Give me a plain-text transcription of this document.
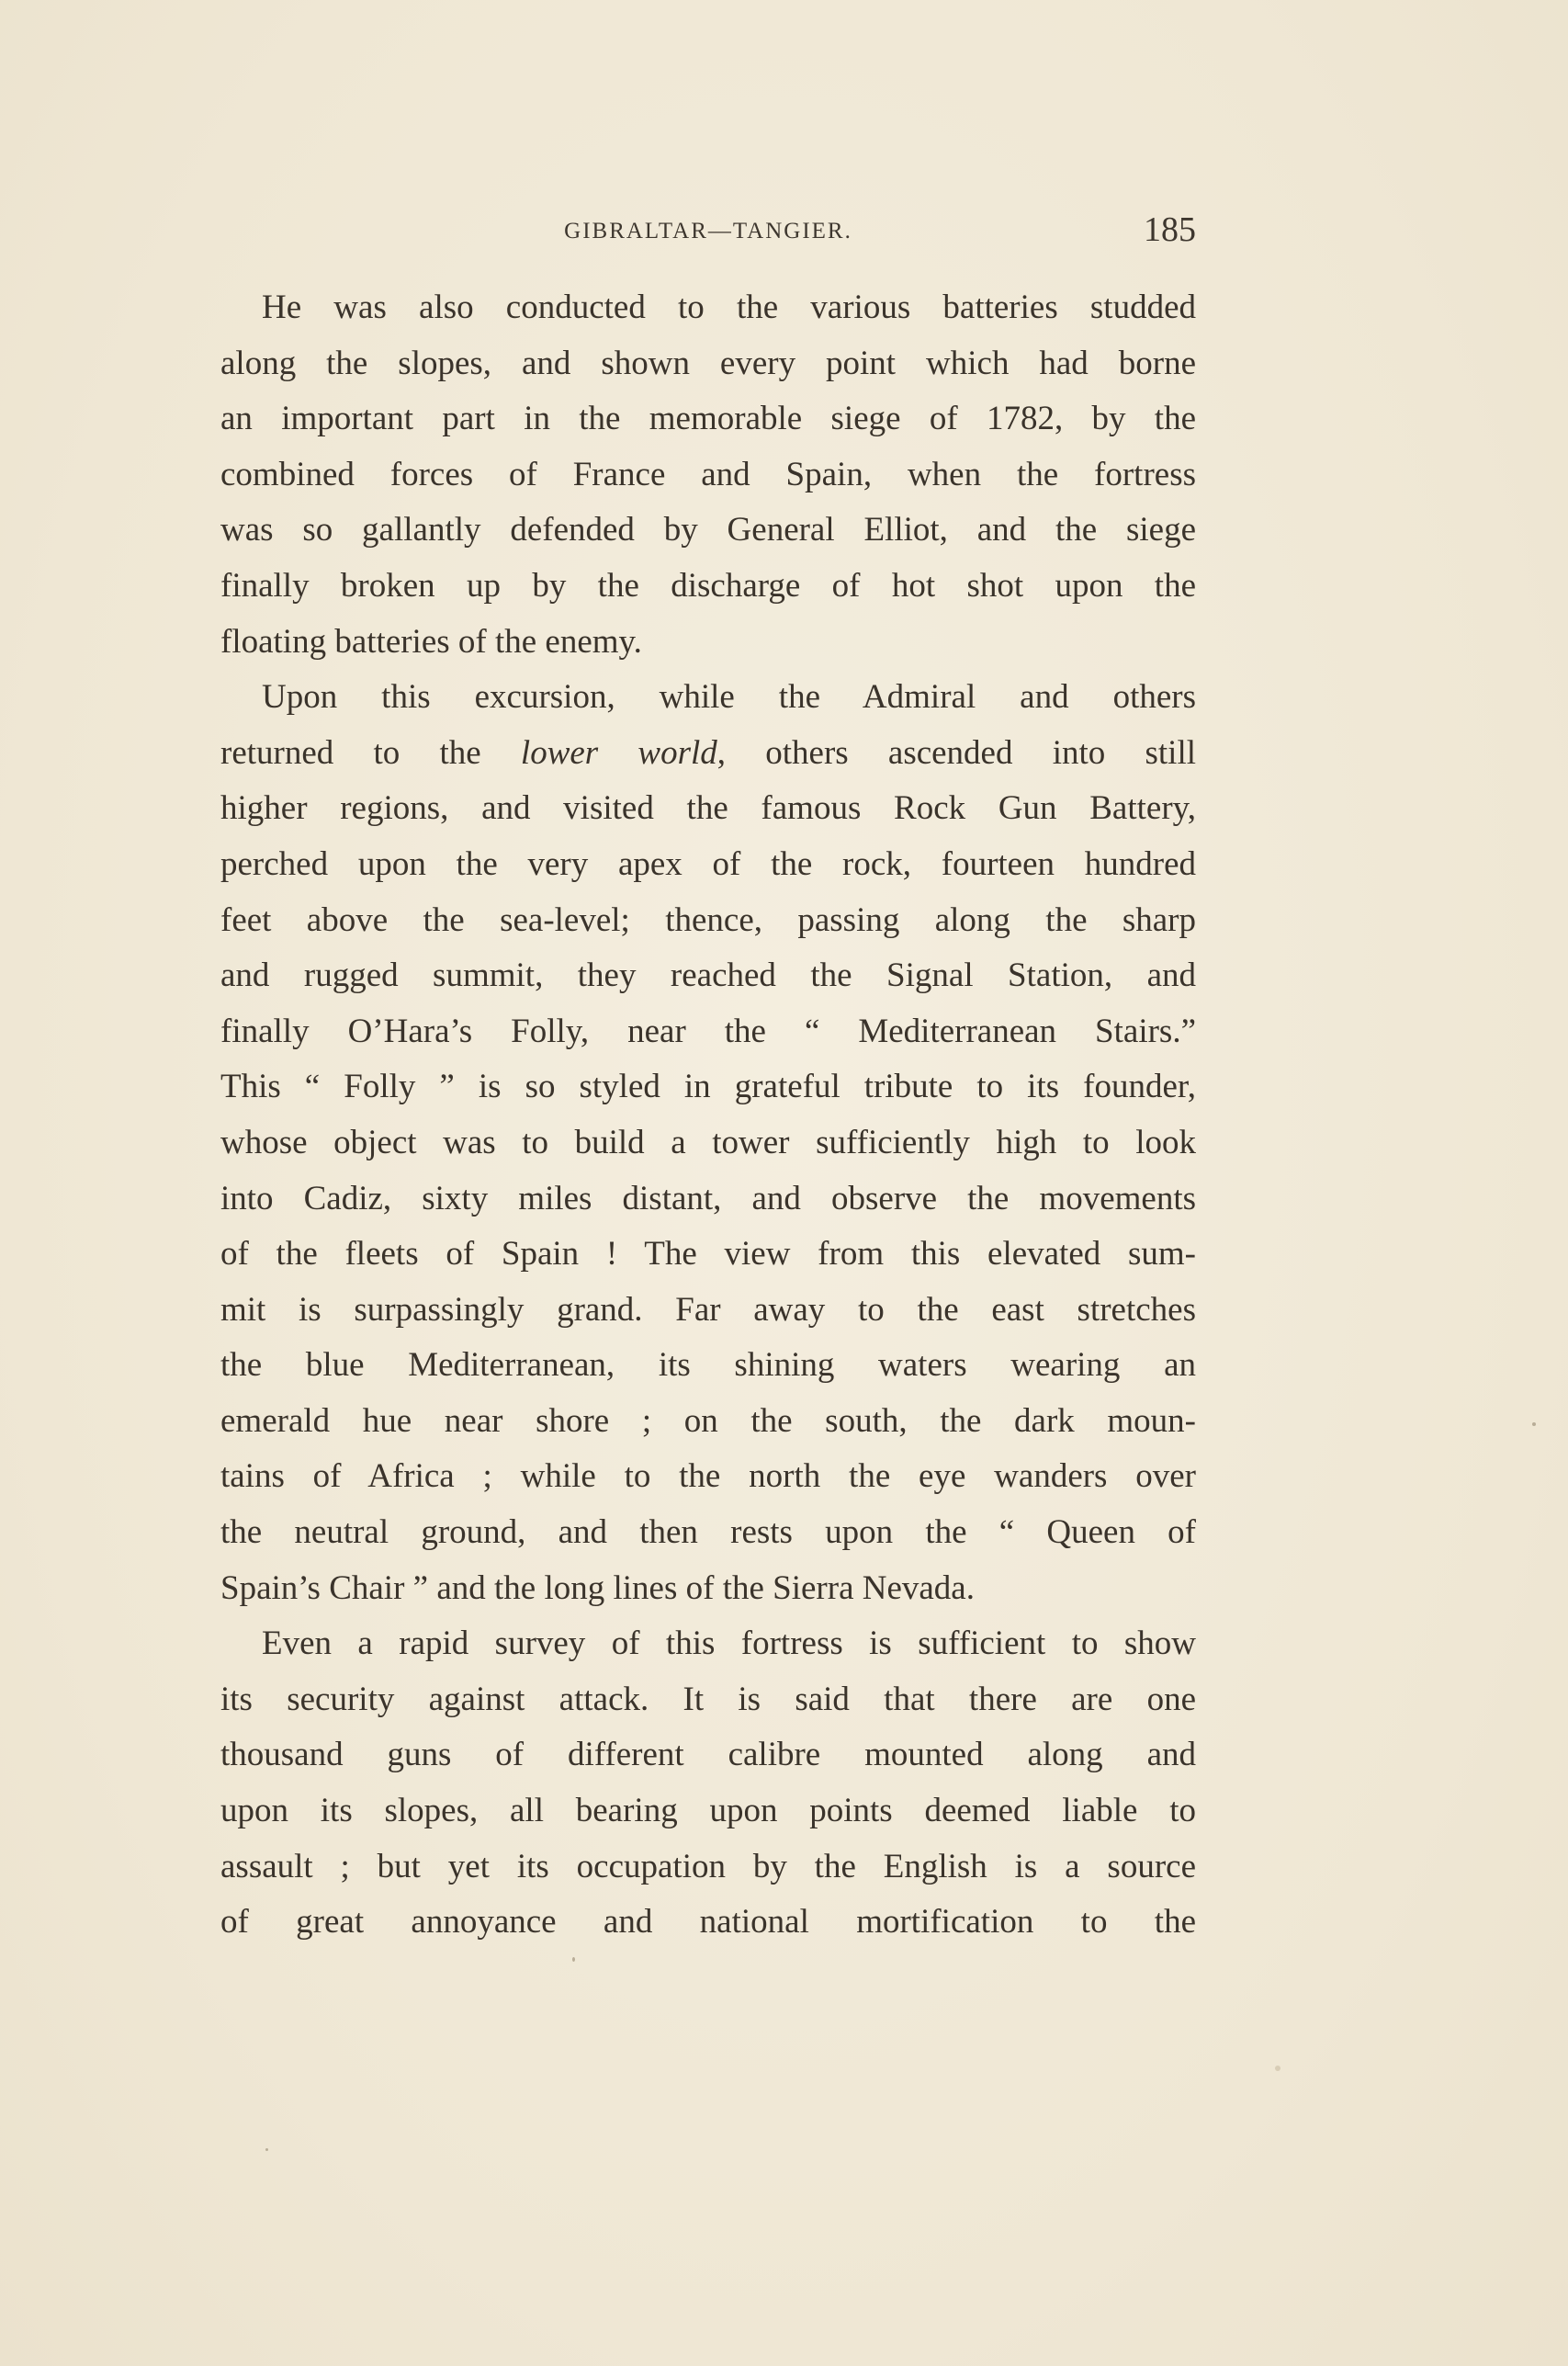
GIBRALTAR—TANGIER.	185
He was also conducted to the various batteries studded
along the slopes, and shown every point which had borne
an important part in the memorable siege of 1782, by the
combined forces of France and Spain, when the fortress
was so gallantly defended by General Elliot, and the siege
finally broken up by the discharge of hot shot upon the
floating batteries of the enemy.
Upon this excursion, while the Admiral and others
returned to the lower world, others ascended into still
higher regions, and visited the famous Rock Gun Battery,
perched upon the very apex of the rock, fourteen hundred
feet above the sea-level; thence, passing along the sharp
and rugged summit, they reached the Signal Station, and
finally O’Hara’s Folly, near the “ Mediterranean Stairs.”
This “ Folly ” is so styled in grateful tribute to its founder,
whose object was to build a tower sufficiently high to look
into Cadiz, sixty miles distant, and observe the movements
of the fleets of Spain ! The view from this elevated sum-
mit is surpassingly grand. Far away to the east stretches
the blue Mediterranean, its shining waters wearing an
emerald hue near shore ; on the south, the dark moun-
tains of Africa ; while to the north the eye wanders over
the neutral ground, and then rests upon the “ Queen of
Spain’s Chair ” and the long lines of the Sierra Nevada.
Even a rapid survey of this fortress is sufficient to show
its security against attack. It is said that there are one
thousand guns of different calibre mounted along and
upon its slopes, all bearing upon points deemed liable to
assault ; but yet its occupation by the English is a source
of great annoyance and national mortification to the
